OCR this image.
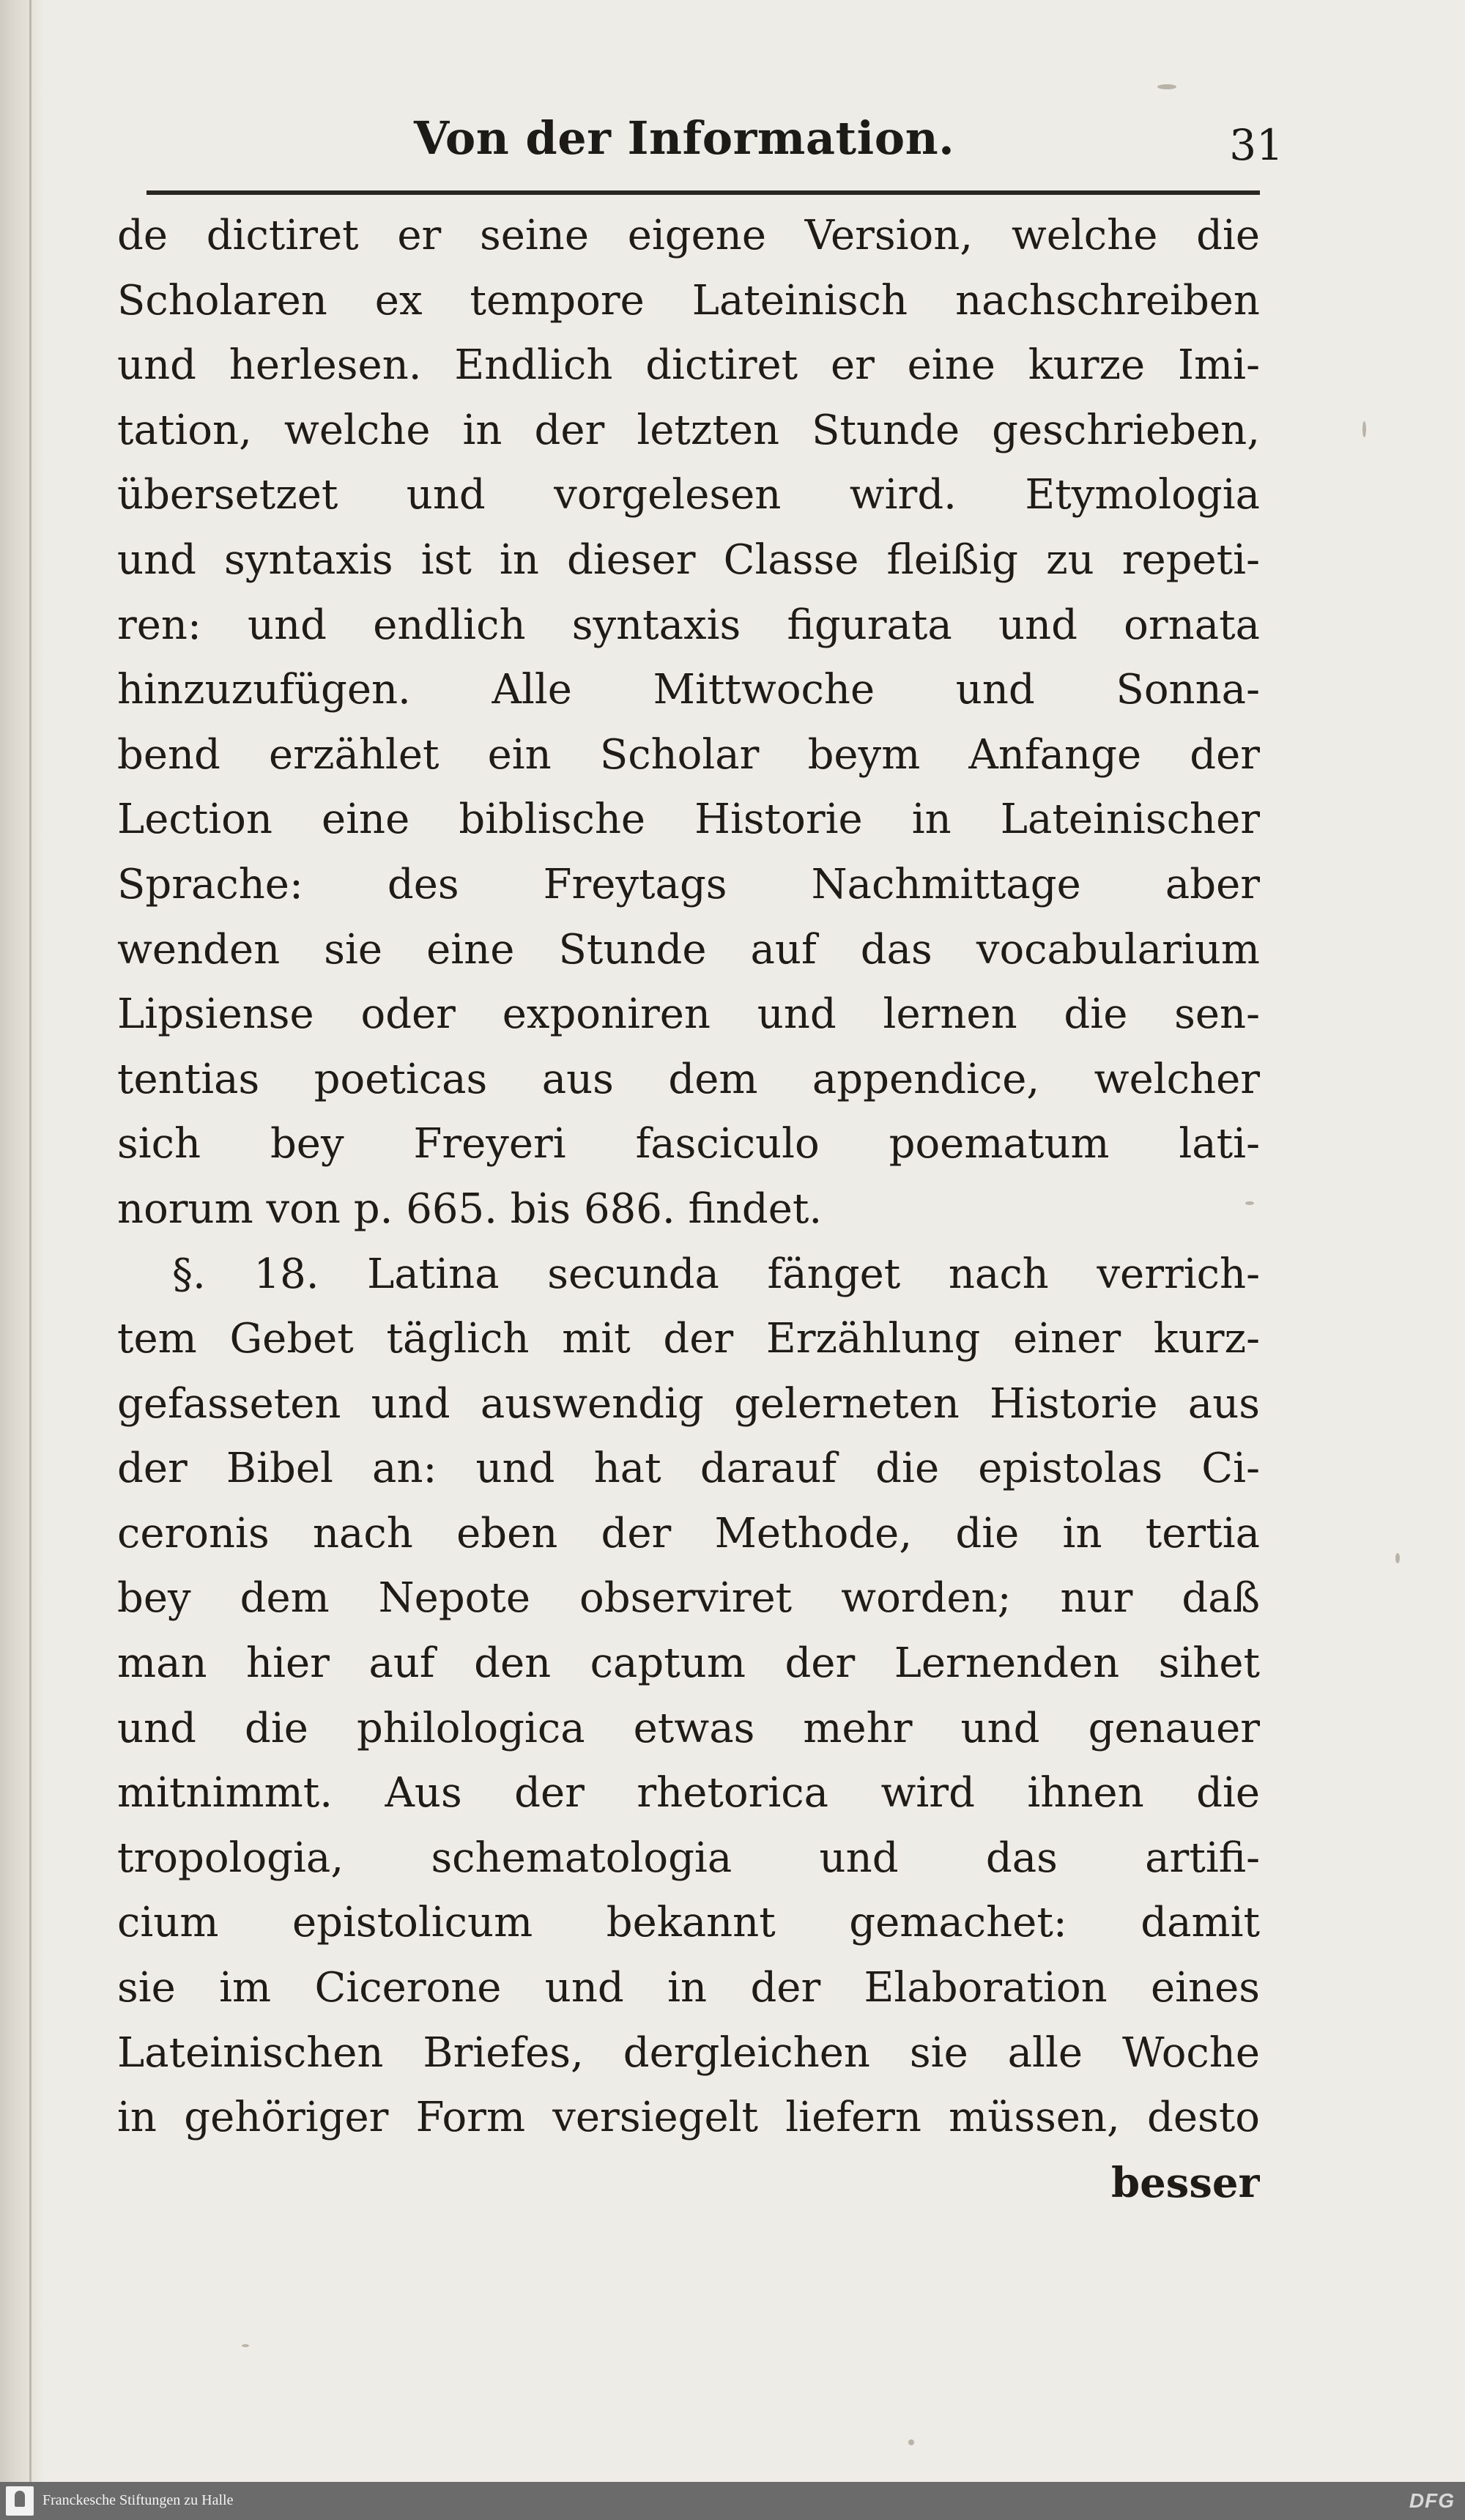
Von der Information.	31
de dictiret er seine eigene Version, welche die
Scholaren ex tempore Lateinisch nachschreiben
und herlesen. Endlich dictiret er eine kurze Imi-
tation, welche in der letzten Stunde geschrieben,
übersetzet und vorgelesen wird. Etymologia
und syntaxis ist in dieser Classe fleißig zu repeti-
ren: und endlich syntaxis figurata und ornata
hinzuzufügen. Alle Mittwoche und Sonna-
bend erzählet ein Scholar beym Anfange der
Lection eine biblische Historie in Lateinischer
Sprache: des Freytags Nachmittage aber
wenden sie eine Stunde auf das vocabularium
Lipsiense oder exponiren und lernen die sen-
tentias poeticas aus dem appendice, welcher
sich bey Freyeri fasciculo poematum lati-
norum von p. 665. bis 686. findet.
§. 18. Latina secunda fänget nach verrich-
tem Gebet täglich mit der Erzählung einer kurz-
gefasseten und auswendig gelerneten Historie aus
der Bibel an: und hat darauf die epistolas Ci-
ceronis nach eben der Methode, die in tertia
bey dem Nepote observiret worden; nur daß
man hier auf den captum der Lernenden sihet
und die philologica etwas mehr und genauer
mitnimmt. Aus der rhetorica wird ihnen die
tropologia, schematologia und das artifi-
cium epistolicum bekannt gemachet: damit
sie im Cicerone und in der Elaboration eines
Lateinischen Briefes, dergleichen sie alle Woche
in gehöriger Form versiegelt liefern müssen, desto
besser
Franckesche Stiftungen zu Halle	DFG
